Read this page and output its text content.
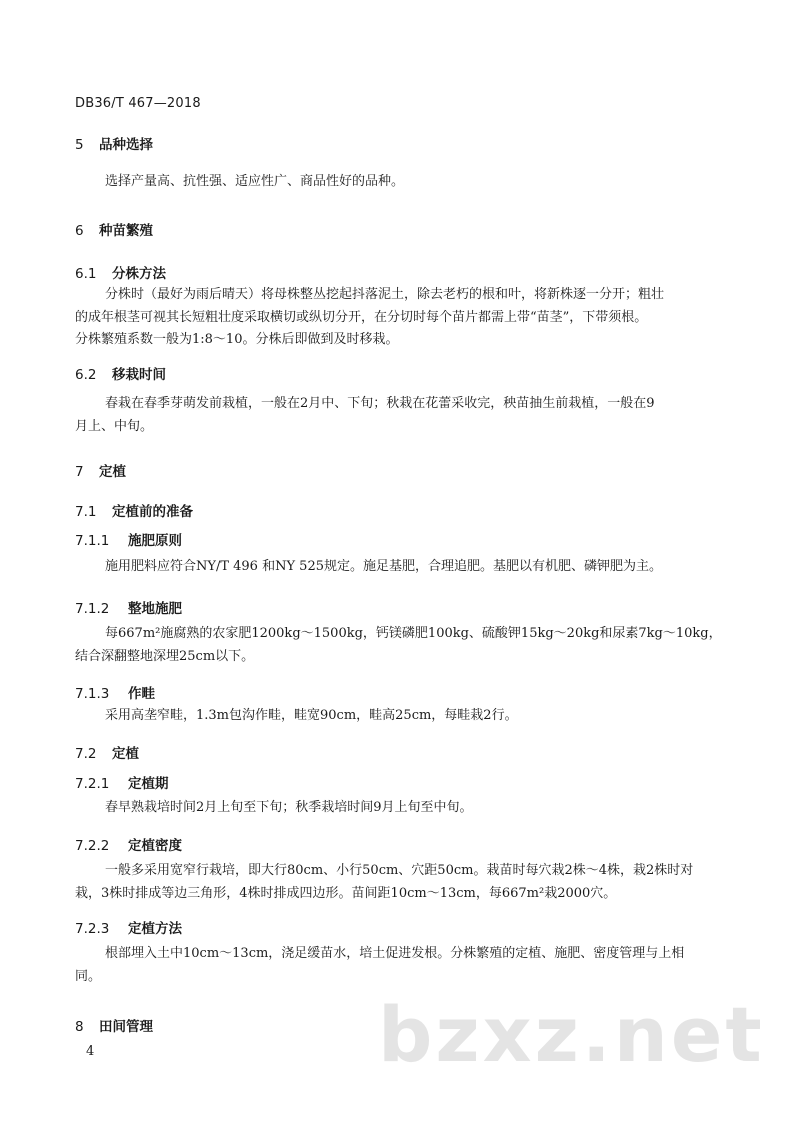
DB36/T 467—2018
5 品种选择
选择产量高、抗性强、适应性广、商品性好的品种。
6 种苗繁殖
6.1 分株方法
分株时（最好为雨后晴天）将母株整丛挖起抖落泥土，除去老朽的根和叶，将新株逐一分开；粗壮
的成年根茎可视其长短粗壮度采取横切或纵切分开，在分切时每个苗片都需上带“苗茎”，下带须根。
分株繁殖系数一般为1:8～10。分株后即做到及时移栽。
6.2 移栽时间
春栽在春季芽萌发前栽植，一般在2月中、下旬；秋栽在花蕾采收完，秧苗抽生前栽植，一般在9
月上、中旬。
7 定植
7.1 定植前的准备
7.1.1 施肥原则
施用肥料应符合NY/T 496 和NY 525规定。施足基肥，合理追肥。基肥以有机肥、磷钾肥为主。
7.1.2 整地施肥
每667m²施腐熟的农家肥1200kg～1500kg，钙镁磷肥100kg、硫酸钾15kg～20kg和尿素7kg～10kg，
结合深翻整地深埋25cm以下。
7.1.3 作畦
采用高垄窄畦，1.3m包沟作畦，畦宽90cm，畦高25cm，每畦栽2行。
7.2 定植
7.2.1 定植期
春早熟栽培时间2月上旬至下旬；秋季栽培时间9月上旬至中旬。
7.2.2 定植密度
一般多采用宽窄行栽培，即大行80cm、小行50cm、穴距50cm。栽苗时每穴栽2株～4株，栽2株时对
栽，3株时排成等边三角形，4株时排成四边形。苗间距10cm～13cm，每667m²栽2000穴。
7.2.3 定植方法
根部埋入土中10cm～13cm，浇足缓苗水，培土促进发根。分株繁殖的定植、施肥、密度管理与上相
同。
bzxz.net
8 田间管理
4
